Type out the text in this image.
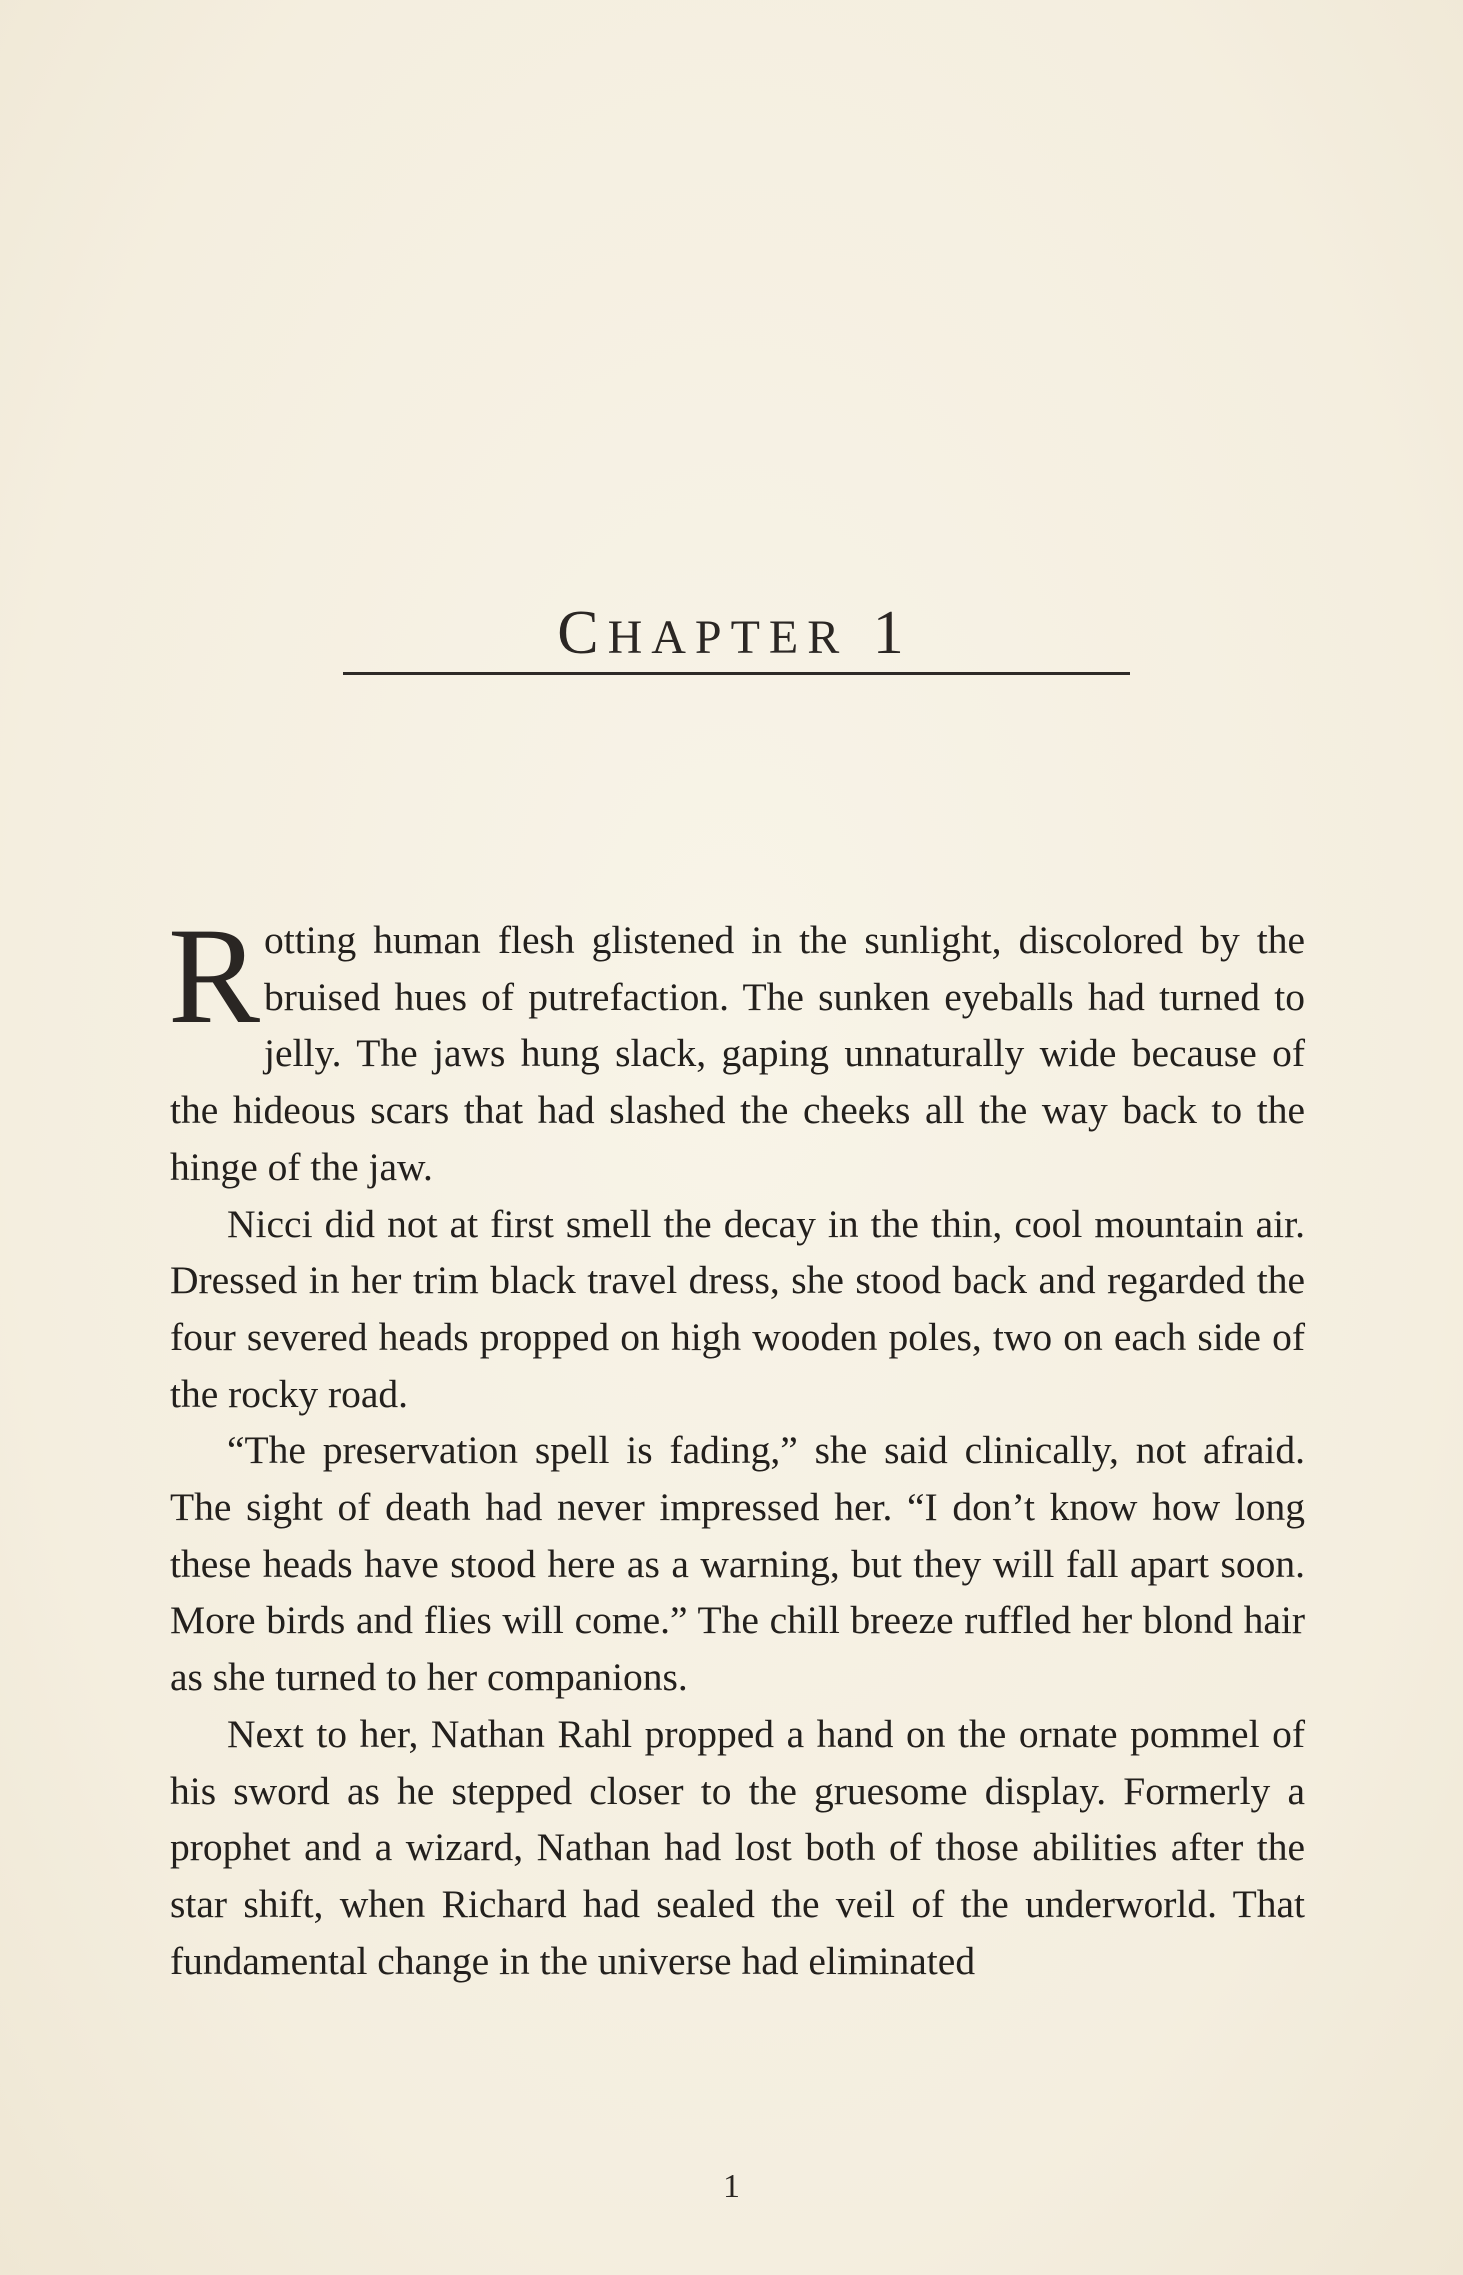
CHAPTER 1

Rotting human flesh glistened in the sunlight, discolored by the bruised hues of putrefaction. The sunken eyeballs had turned to jelly. The jaws hung slack, gaping unnaturally wide because of the hideous scars that had slashed the cheeks all the way back to the hinge of the jaw.

Nicci did not at first smell the decay in the thin, cool mountain air. Dressed in her trim black travel dress, she stood back and regarded the four severed heads propped on high wooden poles, two on each side of the rocky road.

“The preservation spell is fading,” she said clinically, not afraid. The sight of death had never impressed her. “I don’t know how long these heads have stood here as a warning, but they will fall apart soon. More birds and flies will come.” The chill breeze ruffled her blond hair as she turned to her companions.

Next to her, Nathan Rahl propped a hand on the ornate pommel of his sword as he stepped closer to the gruesome display. Formerly a prophet and a wizard, Nathan had lost both of those abilities after the star shift, when Richard had sealed the veil of the underworld. That fundamental change in the universe had eliminated

1
